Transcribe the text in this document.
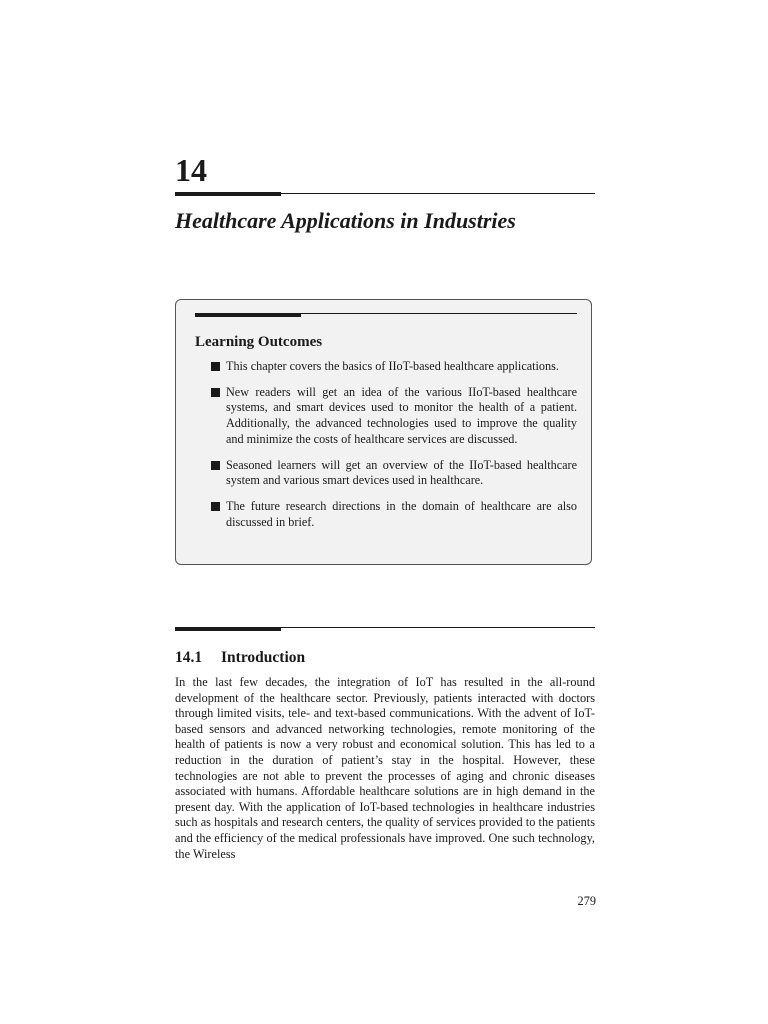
14
Healthcare Applications in Industries
Learning Outcomes
This chapter covers the basics of IIoT-based healthcare applications.
New readers will get an idea of the various IIoT-based healthcare systems, and smart devices used to monitor the health of a patient. Additionally, the advanced technologies used to improve the quality and minimize the costs of healthcare services are discussed.
Seasoned learners will get an overview of the IIoT-based healthcare system and various smart devices used in healthcare.
The future research directions in the domain of healthcare are also discussed in brief.
14.1 Introduction

In the last few decades, the integration of IoT has resulted in the all-round development of the healthcare sector. Previously, patients interacted with doctors through limited visits, tele- and text-based communications. With the advent of IoT-based sensors and advanced networking technologies, remote monitoring of the health of patients is now a very robust and economical solution. This has led to a reduction in the duration of patient’s stay in the hospital. However, these technologies are not able to prevent the processes of aging and chronic diseases associated with humans. Affordable healthcare solutions are in high demand in the present day. With the application of IoT-based technologies in healthcare industries such as hospitals and research centers, the quality of services provided to the patients and the efficiency of the medical professionals have improved. One such technology, the Wireless

279
